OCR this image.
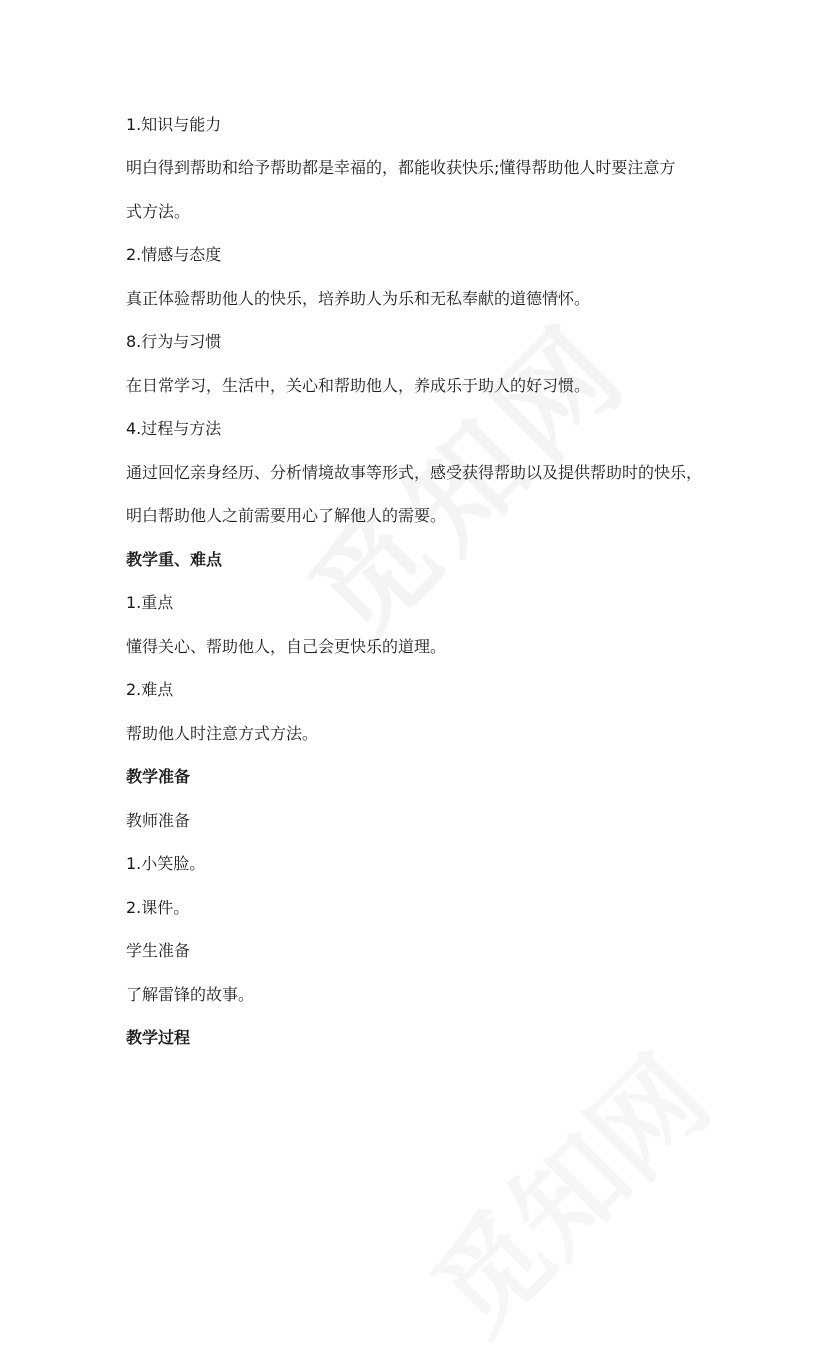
1.知识与能力
明白得到帮助和给予帮助都是幸福的，都能收获快乐;懂得帮助他人时要注意方
式方法。
2.情感与态度
真正体验帮助他人的快乐，培养助人为乐和无私奉献的道德情怀。
8.行为与习惯
在日常学习，生活中，关心和帮助他人，养成乐于助人的好习惯。
4.过程与方法
通过回忆亲身经历、分析情境故事等形式，感受获得帮助以及提供帮助时的快乐，
明白帮助他人之前需要用心了解他人的需要。
教学重、难点
1.重点
懂得关心、帮助他人，自己会更快乐的道理。
2.难点
帮助他人时注意方式方法。
教学准备
教师准备
1.小笑脸。
2.课件。
学生准备
了解雷锋的故事。
教学过程
